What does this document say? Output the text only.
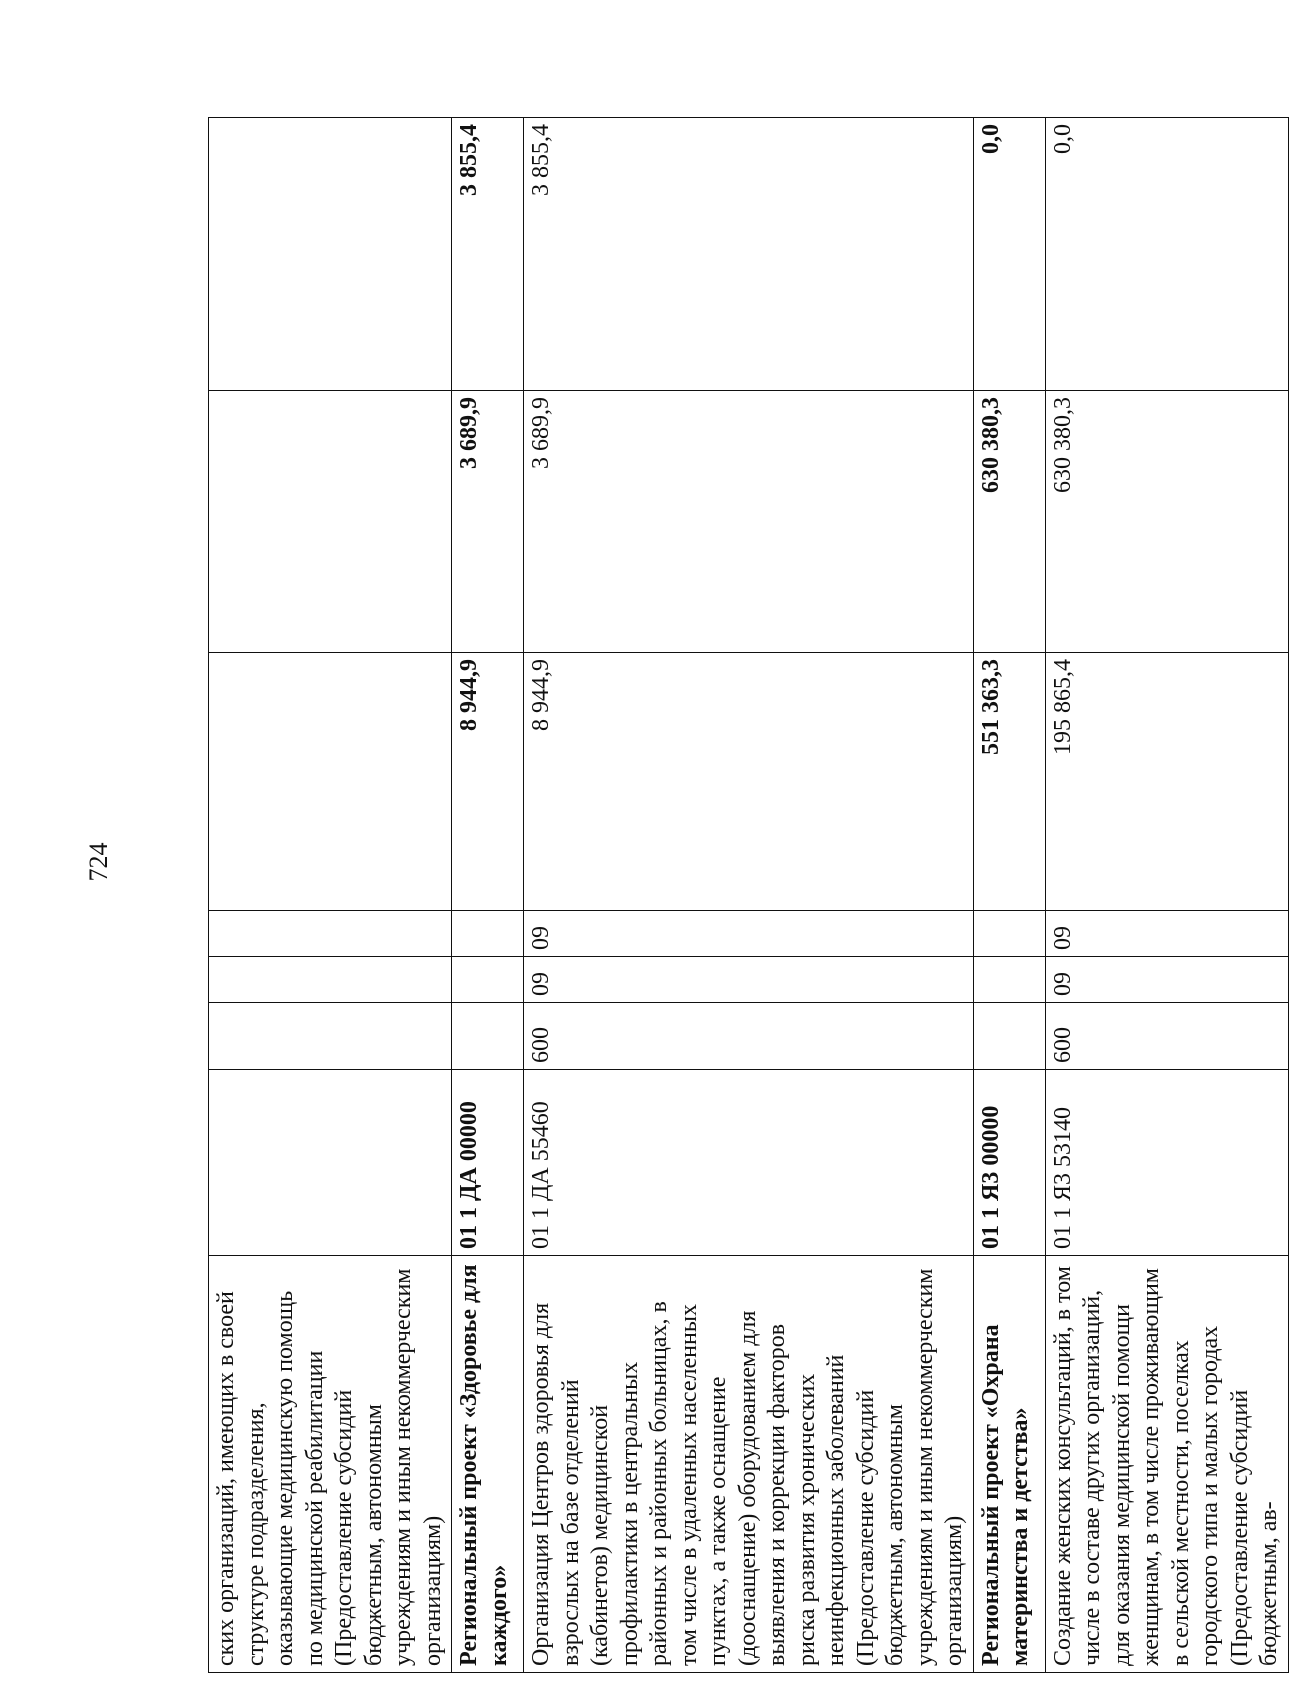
724
ских организаций, имеющих в своей структуре подразделения, оказывающие медицинскую помощь по медицинской реабилитации (Предоставление субсидий бюджетным, автономным учреждениям и иным некоммерческим организациям)							
Региональный проект «Здоровье для каждого»	01 1 ДА 00000				8 944,9	3 689,9	3 855,4
Организация Центров здоровья для взрослых на базе отделений (кабинетов) медицинской профилактики в центральных районных и районных больницах, в том числе в удаленных населенных пунктах, а также оснащение (дооснащение) оборудованием для выявления и коррекции факторов риска развития хронических неинфекционных заболеваний (Предоставление субсидий бюджетным, автономным учреждениям и иным некоммерческим организациям)	01 1 ДА 55460	600	09	09	8 944,9	3 689,9	3 855,4
Региональный проект «Охрана материнства и детства»	01 1 Я3 00000				551 363,3	630 380,3	0,0
Создание женских консультаций, в том числе в составе других организаций, для оказания медицинской помощи женщинам, в том числе проживающим в сельской местности, поселках городского типа и малых городах (Предоставление субсидий бюджетным, ав-	01 1 Я3 53140	600	09	09	195 865,4	630 380,3	0,0
